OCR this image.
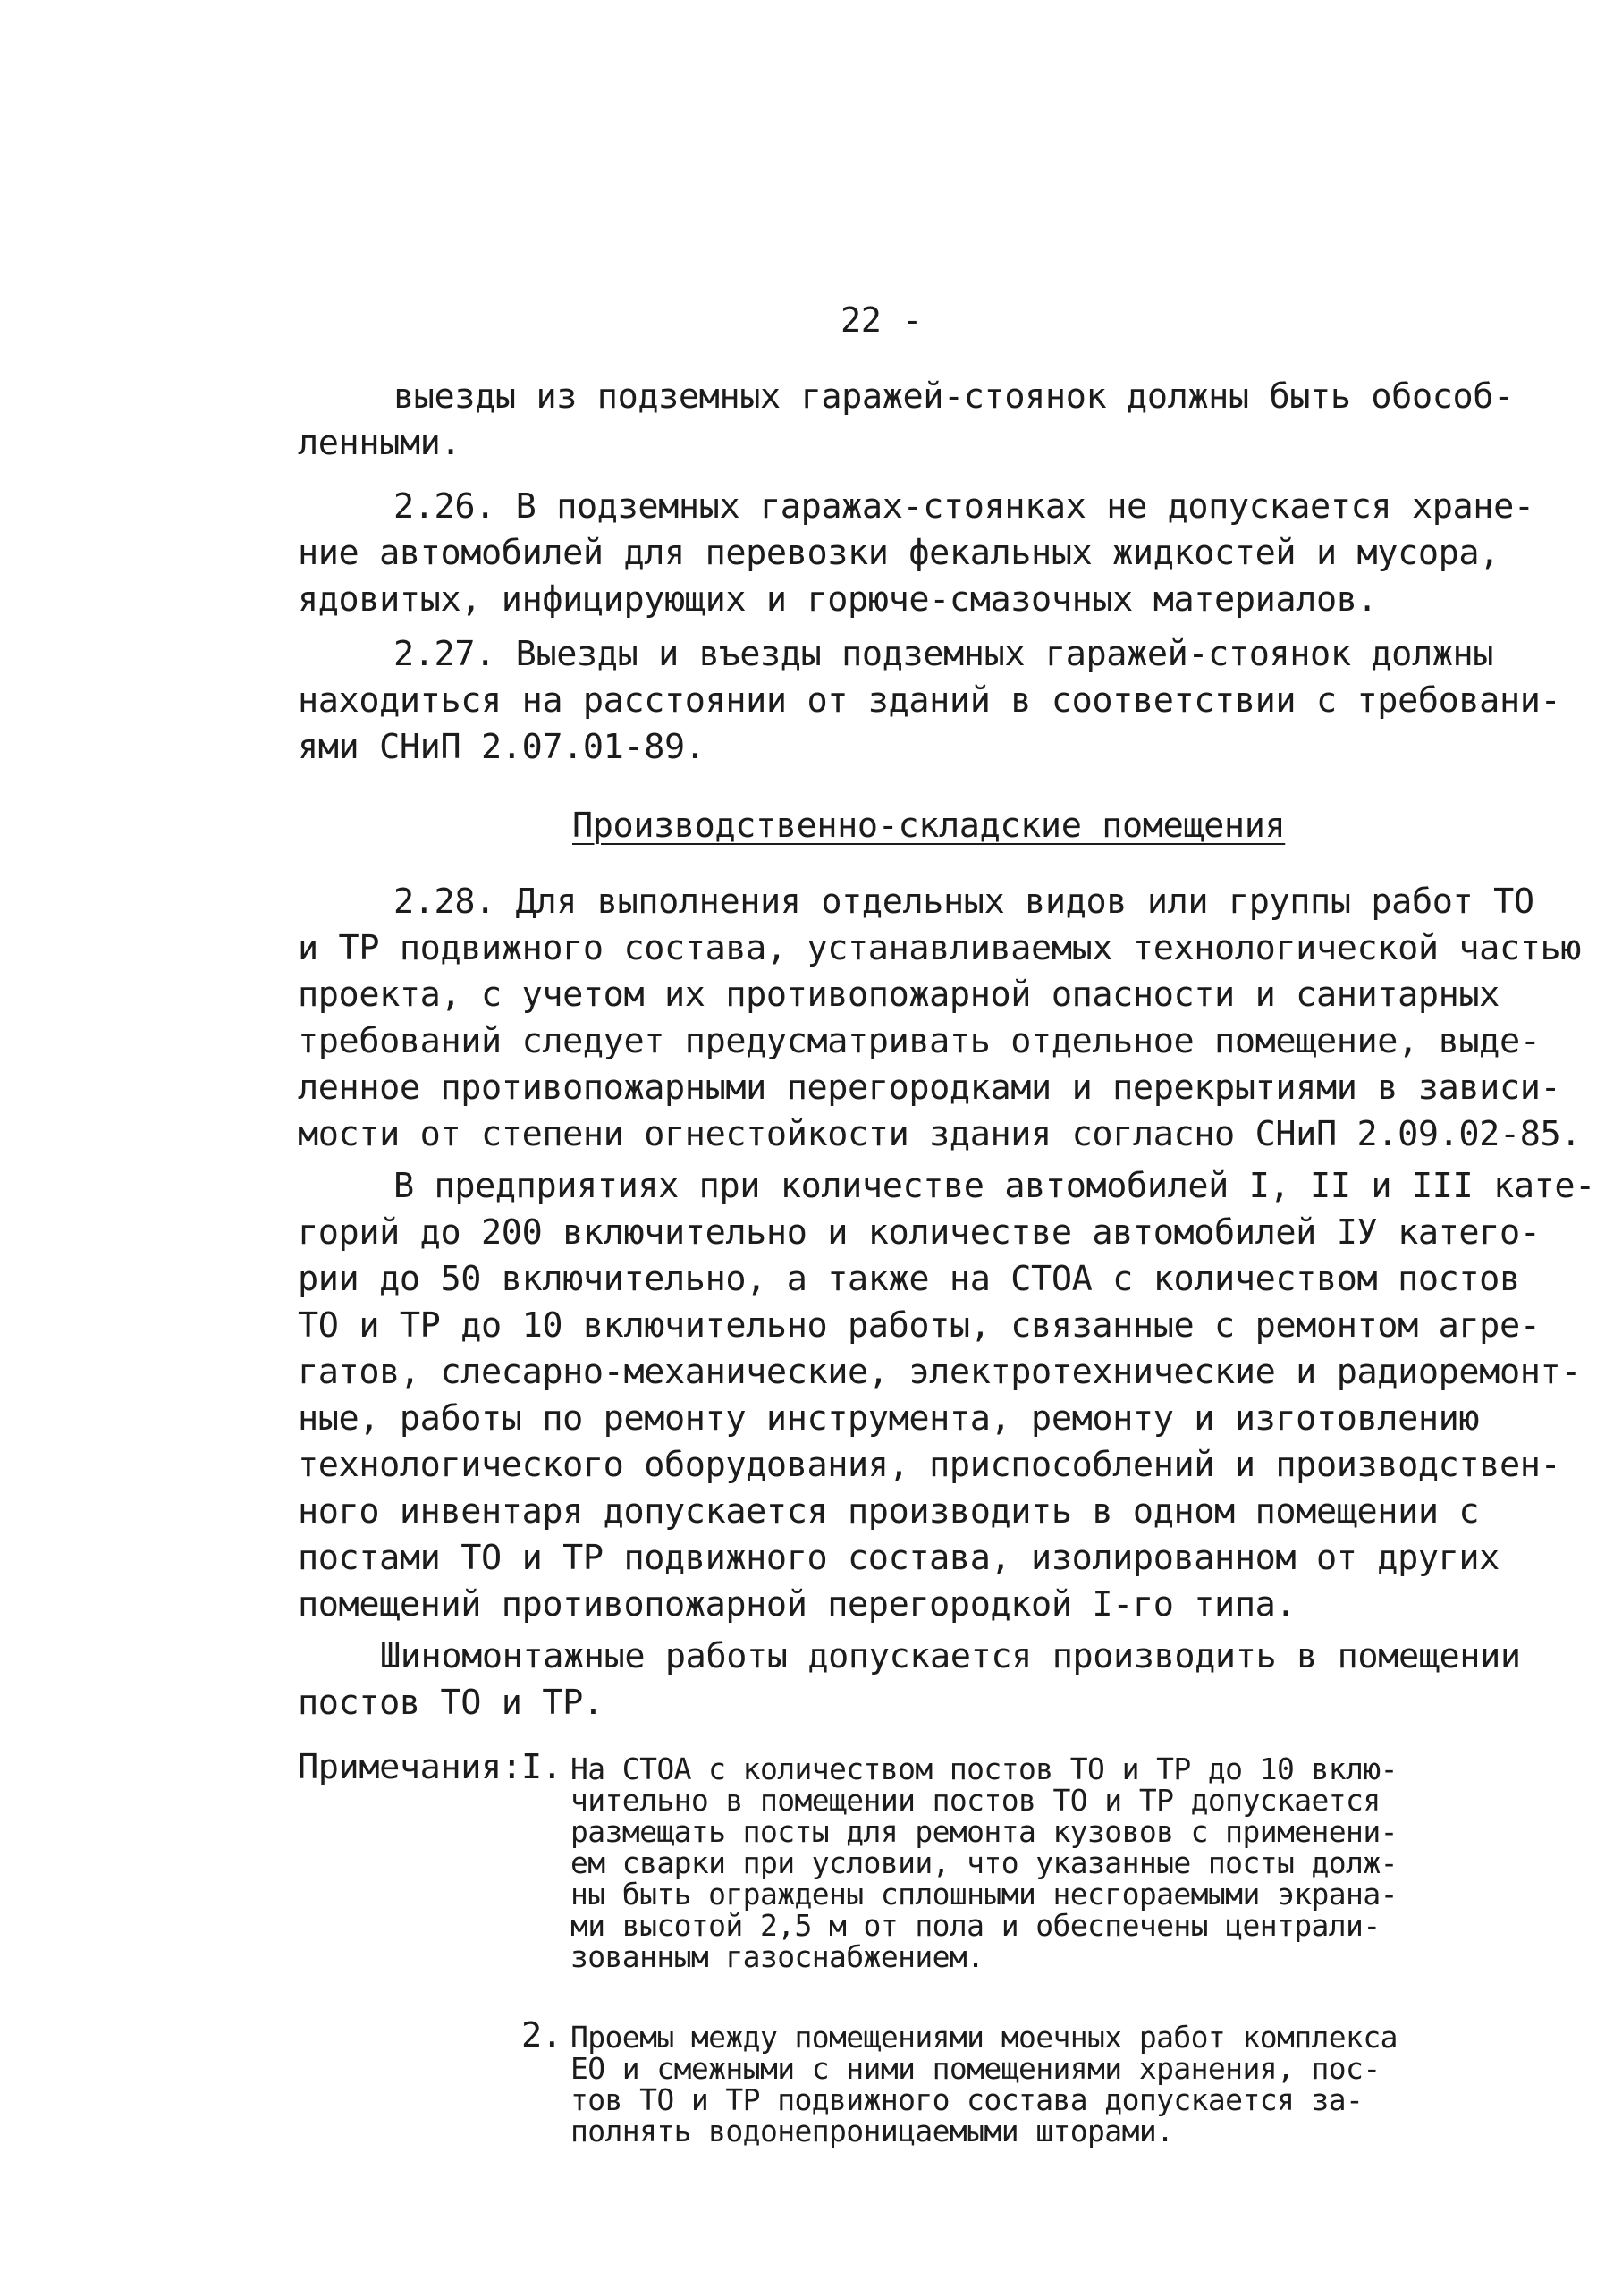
22 -
выезды из подземных гаражей-стоянок должны быть обособ-
ленными.
2.26. В подземных гаражах-стоянках не допускается хране-
ние автомобилей для перевозки фекальных жидкостей и мусора,
ядовитых, инфицирующих и горюче-смазочных материалов.
2.27. Выезды и въезды подземных гаражей-стоянок должны
находиться на расстоянии от зданий в соответствии с требовани-
ями СНиП 2.07.01-89.
Производственно-складские помещения
2.28. Для выполнения отдельных видов или группы работ ТО
и ТР подвижного состава, устанавливаемых технологической частью
проекта, с учетом их противопожарной опасности и санитарных
требований следует предусматривать отдельное помещение, выде-
ленное противопожарными перегородками и перекрытиями в зависи-
мости от степени огнестойкости здания согласно СНиП 2.09.02-85.
В предприятиях при количестве автомобилей I, II и III кате-
горий до 200 включительно и количестве автомобилей IУ катего-
рии до 50 включительно, а также на СТОА с количеством постов
ТО и ТР до 10 включительно работы, связанные с ремонтом агре-
гатов, слесарно-механические, электротехнические и радиоремонт-
ные, работы по ремонту инструмента, ремонту и изготовлению
технологического оборудования, приспособлений и производствен-
ного инвентаря допускается производить в одном помещении с
постами ТО и ТР подвижного состава, изолированном от других
помещений противопожарной перегородкой I-го типа.
Шиномонтажные работы допускается производить в помещении
постов ТО и ТР.
Примечания: I. На СТОА с количеством постов ТО и ТР до 10 вклю-
чительно в помещении постов ТО и ТР допускается
размещать посты для ремонта кузовов с применени-
ем сварки при условии, что указанные посты долж-
ны быть ограждены сплошными несгораемыми экрана-
ми высотой 2,5 м от пола и обеспечены централи-
зованным газоснабжением.
2. Проемы между помещениями моечных работ комплекса
ЕО и смежными с ними помещениями хранения, пос-
тов ТО и ТР подвижного состава допускается за-
полнять водонепроницаемыми шторами.
